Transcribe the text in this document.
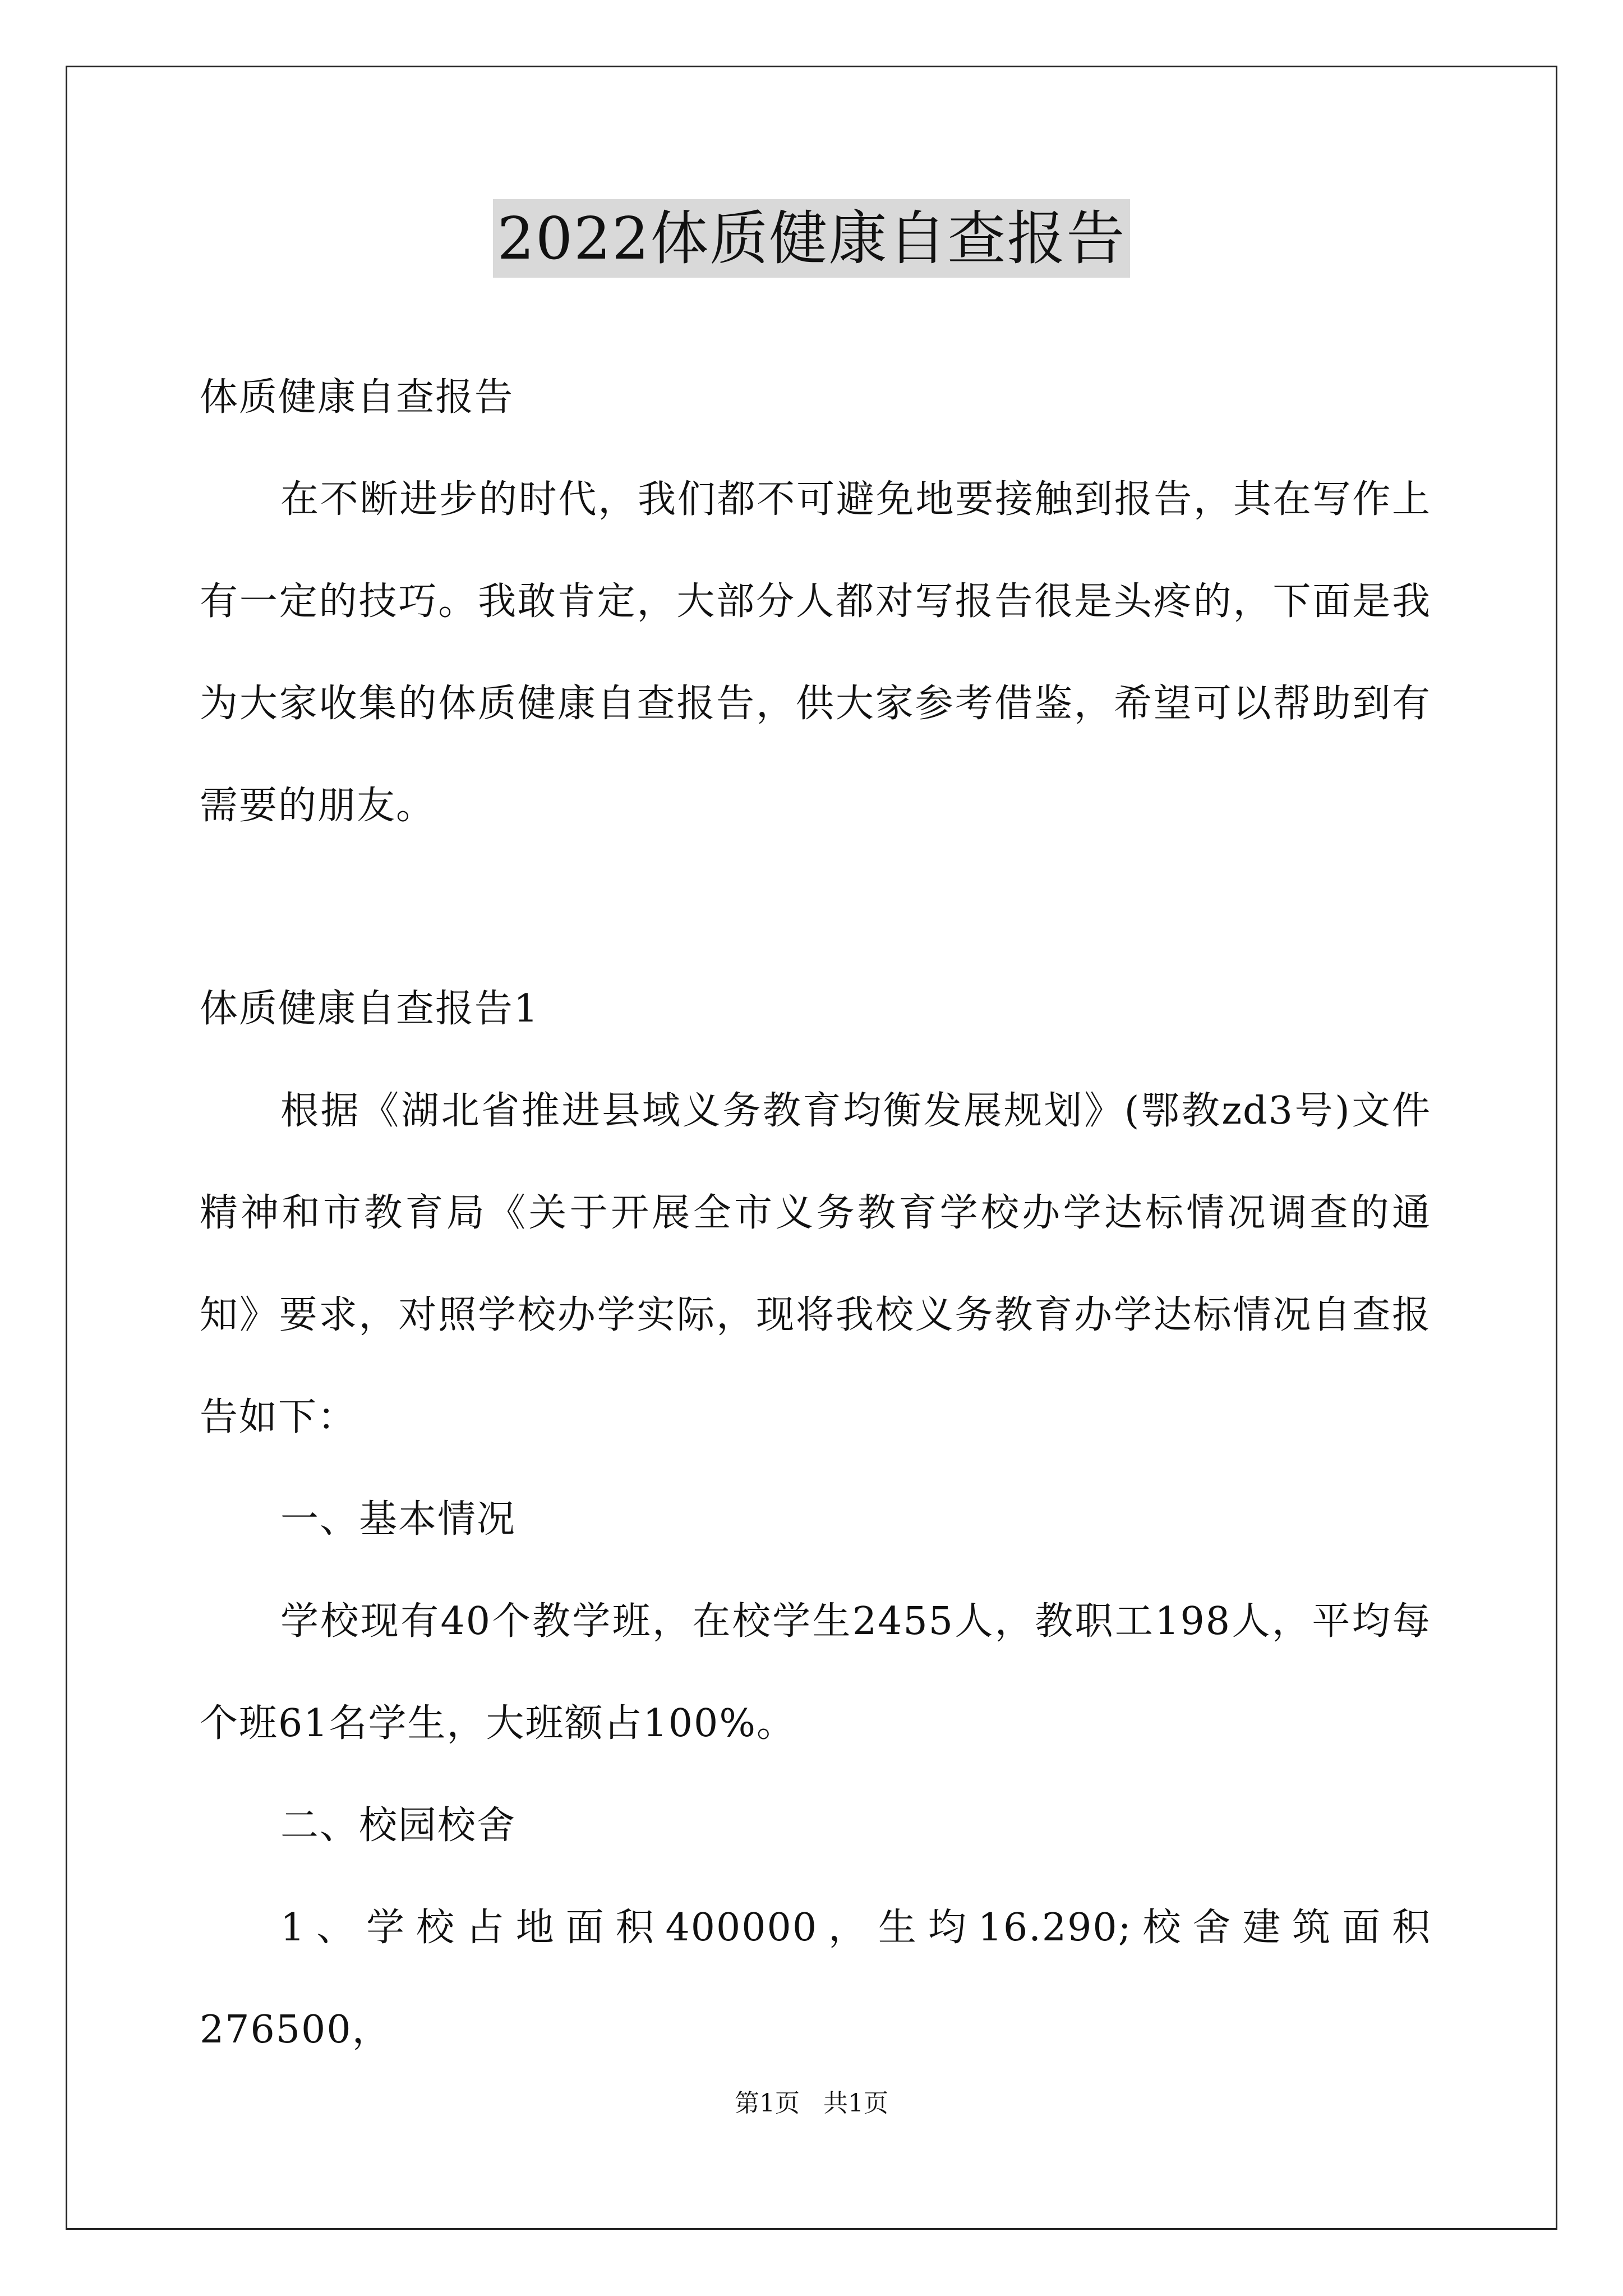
2022体质健康自查报告

体质健康自查报告

在不断进步的时代，我们都不可避免地要接触到报告，其在写作上有一定的技巧。我敢肯定，大部分人都对写报告很是头疼的，下面是我为大家收集的体质健康自查报告，供大家参考借鉴，希望可以帮助到有需要的朋友。

体质健康自查报告1

根据《湖北省推进县域义务教育均衡发展规划》(鄂教zd3号)文件精神和市教育局《关于开展全市义务教育学校办学达标情况调查的通知》要求，对照学校办学实际，现将我校义务教育办学达标情况自查报告如下：

一、基本情况

学校现有40个教学班，在校学生2455人，教职工198人，平均每个班61名学生，大班额占100%。

二、校园校舍

1、学校占地面积400000，生均16.290;校舍建筑面积276500，

第1页 共1页
